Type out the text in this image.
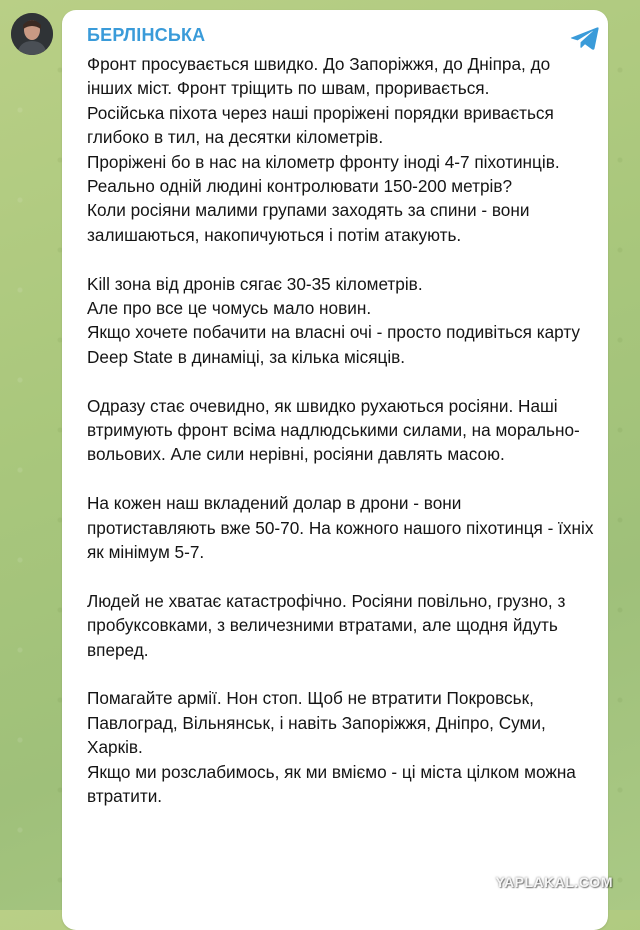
БЕРЛІНСЬКА

Фронт просувається швидко. До Запоріжжя, до Дніпра, до інших міст. Фронт тріщить по швам, проривається.
Російська піхота через наші проріжені порядки вривається глибоко в тил, на десятки кілометрів.
Проріжені бо в нас на кілометр фронту іноді 4-7 піхотинців. Реально одній людині контролювати 150-200 метрів?
Коли росіяни малими групами заходять за спини - вони залишаються, накопичуються і потім атакують.

Kill зона від дронів сягає 30-35 кілометрів.
Але про все це чомусь мало новин.
Якщо хочете побачити на власні очі - просто подивіться карту Deep State в динаміці, за кілька місяців.

Одразу стає очевидно, як швидко рухаються росіяни. Наші втримують фронт всіма надлюдськими силами, на морально-вольових. Але сили нерівні, росіяни давлять масою.

На кожен наш вкладений долар в дрони - вони протиставляють вже 50-70. На кожного нашого піхотинця - їхніх як мінімум 5-7.

Людей не хватає катастрофічно. Росіяни повільно, грузно, з пробуксовками, з величезними втратами, але щодня йдуть вперед.

Помагайте армії. Нон стоп. Щоб не втратити Покровськ, Павлоград, Вільнянськ, і навіть Запоріжжя, Дніпро, Суми, Харків.
Якщо ми розслабимось, як ми вміємо - ці міста цілком можна втратити.

YAPLAKAL.COM
